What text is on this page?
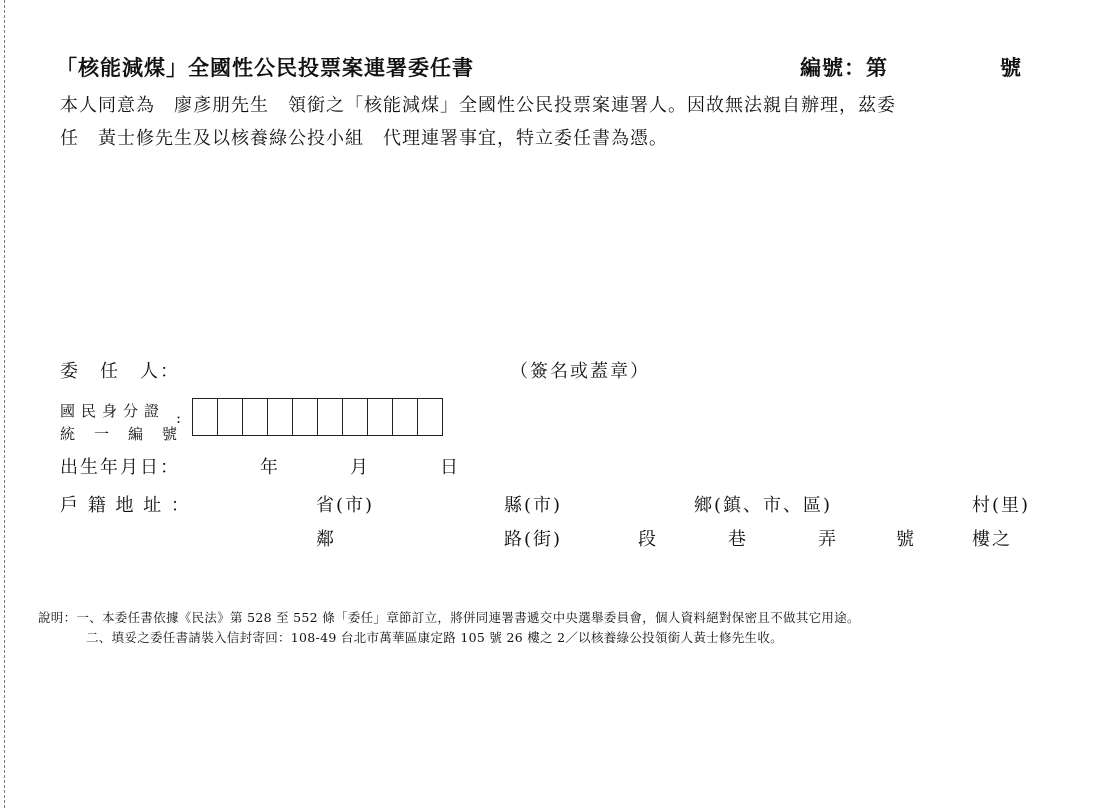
「核能減煤」全國性公民投票案連署委任書	編號：第	號
本人同意為　廖彥朋先生　領銜之「核能減煤」全國性公民投票案連署人。因故無法親自辦理，茲委
任　黃士修先生及以核養綠公投小組　代理連署事宜，特立委任書為憑。
委　任　人：	（簽名或蓋章）
國民身分證
統　一　編　號
:
出生年月日：	年	月	日
戶 籍 地 址 ：	省(市)	縣(市)	鄉(鎮、市、區)	村(里)
鄰	路(街)	段	巷	弄	號	樓之
說明：一、本委任書依據《民法》第 528 至 552 條「委任」章節訂立，將併同連署書遞交中央選舉委員會，個人資料絕對保密且不做其它用途。
二、填妥之委任書請裝入信封寄回：108-49 台北市萬華區康定路 105 號 26 樓之 2／以核養綠公投領銜人黃士修先生收。
